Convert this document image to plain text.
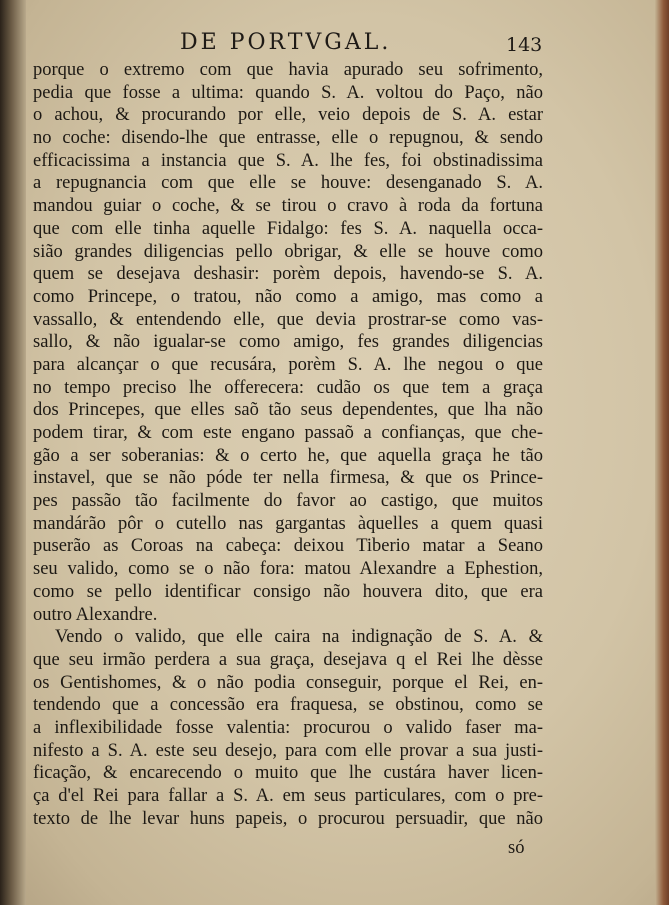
DE PORTVGAL.	143
porque o extremo com que havia apurado seu sofrimento,
pedia que fosse a ultima: quando S. A. voltou do Paço, não
o achou, & procurando por elle, veio depois de S. A. estar
no coche: disendo-lhe que entrasse, elle o repugnou, & sendo
efficacissima a instancia que S. A. lhe fes, foi obstinadissima
a repugnancia com que elle se houve: desenganado S. A.
mandou guiar o coche, & se tirou o cravo à roda da fortuna
que com elle tinha aquelle Fidalgo: fes S. A. naquella occa-
sião grandes diligencias pello obrigar, & elle se houve como
quem se desejava deshasir: porèm depois, havendo-se S. A.
como Princepe, o tratou, não como a amigo, mas como a
vassallo, & entendendo elle, que devia prostrar-se como vas-
sallo, & não igualar-se como amigo, fes grandes diligencias
para alcançar o que recusára, porèm S. A. lhe negou o que
no tempo preciso lhe offerecera: cudão os que tem a graça
dos Princepes, que elles saõ tão seus dependentes, que lha não
podem tirar, & com este engano passaõ a confianças, que che-
gão a ser soberanias: & o certo he, que aquella graça he tão
instavel, que se não póde ter nella firmesa, & que os Prince-
pes passão tão facilmente do favor ao castigo, que muitos
mandárão pôr o cutello nas gargantas àquelles a quem quasi
puserão as Coroas na cabeça: deixou Tiberio matar a Seano
seu valido, como se o não fora: matou Alexandre a Ephestion,
como se pello identificar consigo não houvera dito, que era
outro Alexandre.
Vendo o valido, que elle caira na indignação de S. A. &
que seu irmão perdera a sua graça, desejava q el Rei lhe dèsse
os Gentishomes, & o não podia conseguir, porque el Rei, en-
tendendo que a concessão era fraquesa, se obstinou, como se
a inflexibilidade fosse valentia: procurou o valido faser ma-
nifesto a S. A. este seu desejo, para com elle provar a sua justi-
ficação, & encarecendo o muito que lhe custára haver licen-
ça d'el Rei para fallar a S. A. em seus particulares, com o pre-
texto de lhe levar huns papeis, o procurou persuadir, que não
só
